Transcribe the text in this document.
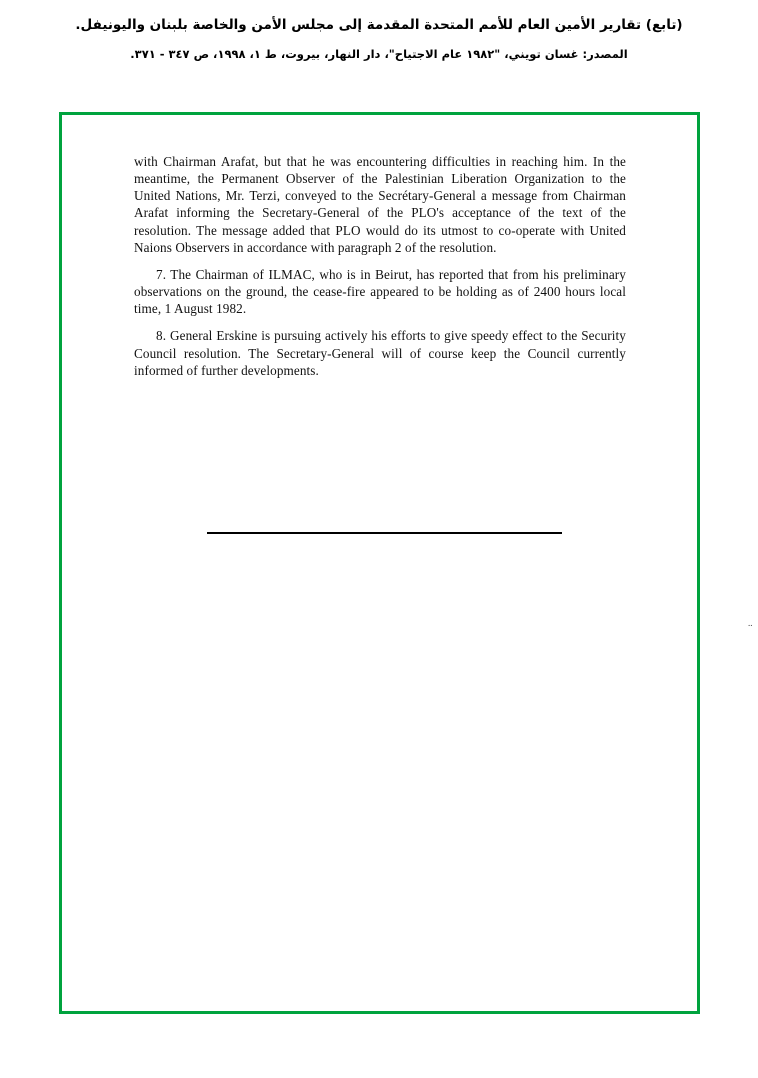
(تابع) تقارير الأمين العام للأمم المتحدة المقدمة إلى مجلس الأمن والخاصة بلبنان واليونيفل.
المصدر: غسان تويني، "١٩٨٢ عام الاجتياح"، دار النهار، بيروت، ط ١، ١٩٩٨، ص ٣٤٧ - ٣٧١.

with Chairman Arafat, but that he was encountering difficulties in reaching him. In the meantime, the Permanent Observer of the Palestinian Liberation Organization to the United Nations, Mr. Terzi, conveyed to the Secrétary-General a message from Chairman Arafat informing the Secretary-General of the PLO's acceptance of the text of the resolution. The message added that PLO would do its utmost to co-operate with United Naions Observers in accordance with paragraph 2 of the resolution.

7. The Chairman of ILMAC, who is in Beirut, has reported that from his preliminary observations on the ground, the cease-fire appeared to be holding as of 2400 hours local time, 1 August 1982.

8. General Erskine is pursuing actively his efforts to give speedy effect to the Security Council resolution. The Secretary-General will of course keep the Council currently informed of further developments.

..
